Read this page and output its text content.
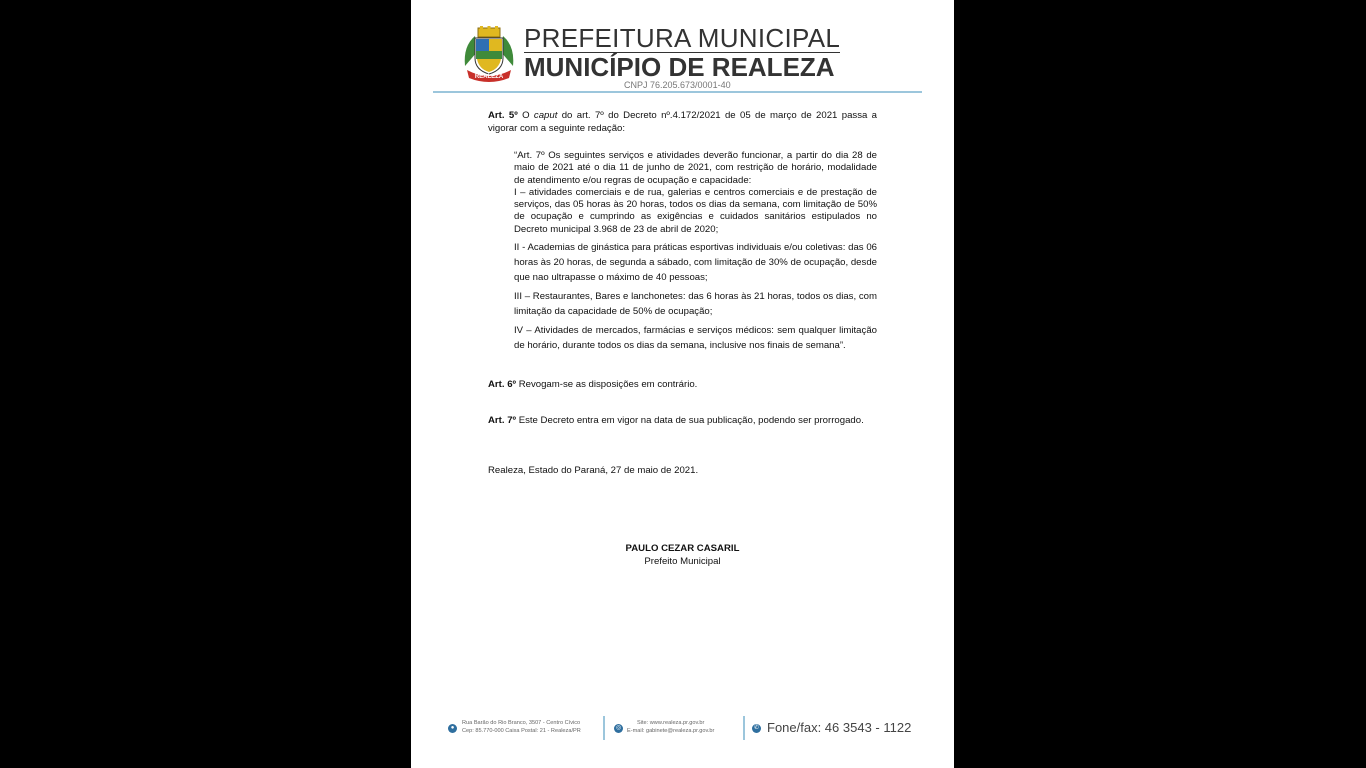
REALEZA
PREFEITURA MUNICIPAL
MUNICÍPIO DE REALEZA
CNPJ 76.205.673/0001-40
Art. 5º O caput do art. 7º do Decreto nº.4.172/2021 de 05 de março de 2021 passa a vigorar com a seguinte redação:

“Art. 7º Os seguintes serviços e atividades deverão funcionar, a partir do dia 28 de maio de 2021 até o dia 11 de junho de 2021, com restrição de horário, modalidade de atendimento e/ou regras de ocupação e capacidade:

I – atividades comerciais e de rua, galerias e centros comerciais e de prestação de serviços, das 05 horas às 20 horas, todos os dias da semana, com limitação de 50% de ocupação e cumprindo as exigências e cuidados sanitários estipulados no Decreto municipal 3.968 de 23 de abril de 2020;

II - Academias de ginástica para práticas esportivas individuais e/ou coletivas: das 06 horas às 20 horas, de segunda a sábado, com limitação de 30% de ocupação, desde que nao ultrapasse o máximo de 40 pessoas;

III – Restaurantes, Bares e lanchonetes: das 6 horas às 21 horas, todos os dias, com limitação da capacidade de 50% de ocupação;

IV – Atividades de mercados, farmácias e serviços médicos: sem qualquer limitação de horário, durante todos os dias da semana, inclusive nos finais de semana”.

Art. 6º Revogam-se as disposições em contrário.
Art. 7º Este Decreto entra em vigor na data de sua publicação, podendo ser prorrogado.
Realeza, Estado do Paraná, 27 de maio de 2021.
PAULO CEZAR CASARIL
Prefeito Municipal
●
Rua Barão do Rio Branco, 3507 - Centro Cívico
Cep: 85.770-000 Caixa Postal: 21 - Realeza/PR	◎
Site: www.realeza.pr.gov.br
E-mail: gabinete@realeza.pr.gov.br	✆ Fone/fax: 46 3543 - 1122
